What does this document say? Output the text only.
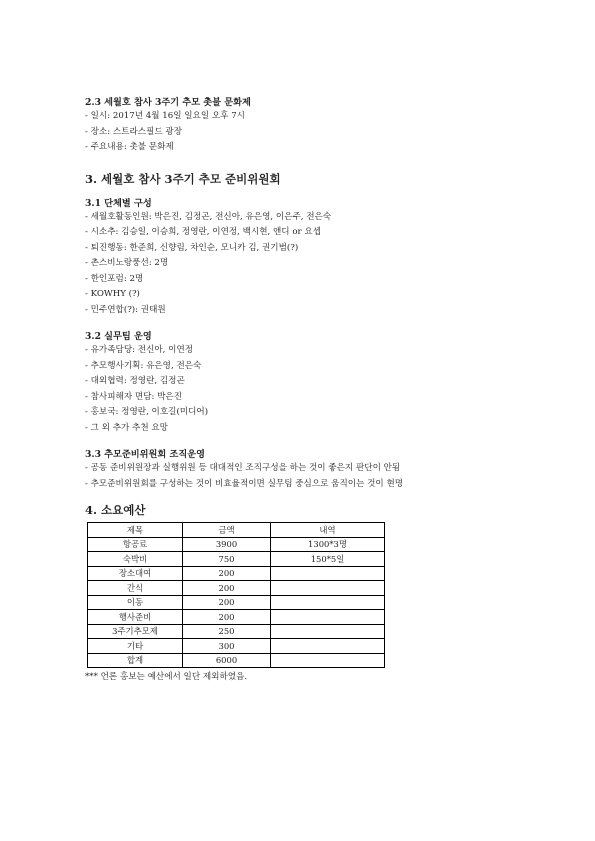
2.3 세월호 참사 3주기 추모 촛불 문화제
- 일시: 2017년 4월 16일 일요일 오후 7시
- 장소: 스트라스필드 광장
- 주요내용: 촛불 문화제
3. 세월호 참사 3주기 추모 준비위원회
3.1 단체별 구성
- 세월호활동인원: 박은진, 김정곤, 전신아, 유은영, 이은주, 전은숙
- 시소추: 김승일, 이승희, 정영란, 이연정, 백시현, 앤디 or 요셉
- 퇴진행동: 한준희, 신향림, 차인순, 모니카 김, 권기범(?)
- 촌스비노랑풍선: 2명
- 한인포럼: 2명
- KOWHY (?)
- 민주연합(?): 권태원
3.2 실무팀 운영
- 유가족담당: 전신아, 이연정
- 추모행사기획: 유은영, 전은숙
- 대외협력: 정영란, 김정곤
- 참사피해자 면담: 박은진
- 홍보국: 정영란, 이호길(미디어)
- 그 외 추가 추천 요망
3.3 추모준비위원회 조직운영
- 공동 준비위원장과 실행위원 등 대대적인 조직구성을 하는 것이 좋은지 판단이 안됨
- 추모준비위원회를 구성하는 것이 비효율적이면 실무팀 중심으로 움직이는 것이 현명
4. 소요예산
제목	금액	내역
항공료	3900	1300*3명
숙박비	750	150*5일
장소대여	200	
간식	200	
이동	200	
행사준비	200	
3주기추모제	250	
기타	300	
합계	6000	
*** 언론 홍보는 예산에서 일단 제외하였음.
